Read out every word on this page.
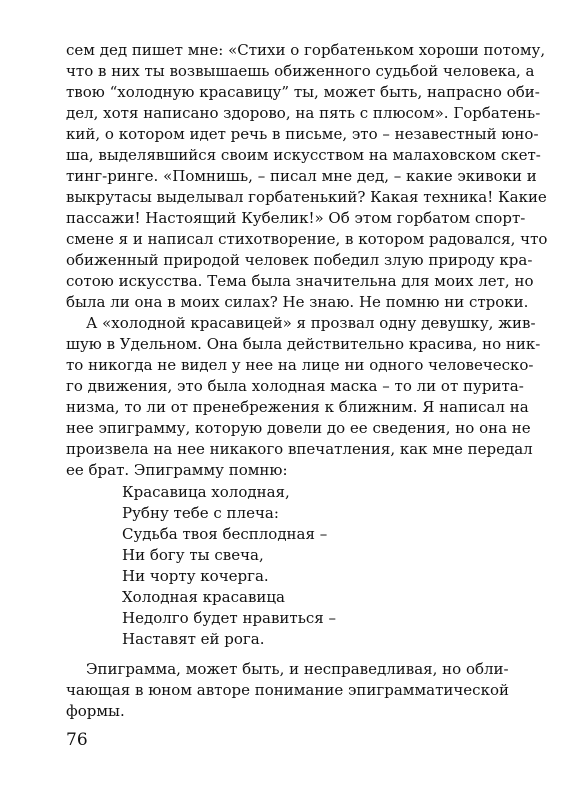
сем дед пишет мне: «Стихи о горбатеньком хороши потому,
что в них ты возвышаешь обиженного судьбой человека, а
твою “холодную красавицу” ты, может быть, напрасно оби-
дел, хотя написано здорово, на пять с плюсом». Горбатень-
кий, о котором идет речь в письме, это – незавестный юно-
ша, выделявшийся своим искусством на малаховском скет-
тинг-ринге. «Помнишь, – писал мне дед, – какие экивоки и
выкрутасы выделывал горбатенький? Какая техника! Какие
пассажи! Настоящий Кубелик!» Об этом горбатом спорт-
смене я и написал стихотворение, в котором радовался, что
обиженный природой человек победил злую природу кра-
сотою искусства. Тема была значительна для моих лет, но
была ли она в моих силах? Не знаю. Не помню ни строки.
А «холодной красавицей» я прозвал одну девушку, жив-
шую в Удельном. Она была действительно красива, но ник-
то никогда не видел у нее на лице ни одного человеческо-
го движения, это была холодная маска – то ли от пурита-
низма, то ли от пренебрежения к ближним. Я написал на
нее эпиграмму, которую довели до ее сведения, но она не
произвела на нее никакого впечатления, как мне передал
ее брат. Эпиграмму помню:
Красавица холодная,
Рубну тебе с плеча:
Судьба твоя бесплодная –
Ни богу ты свеча,
Ни чорту кочерга.
Холодная красавица
Недолго будет нравиться –
Наставят ей рога.
Эпиграмма, может быть, и несправедливая, но обли-
чающая в юном авторе понимание эпиграмматической
формы.
76
